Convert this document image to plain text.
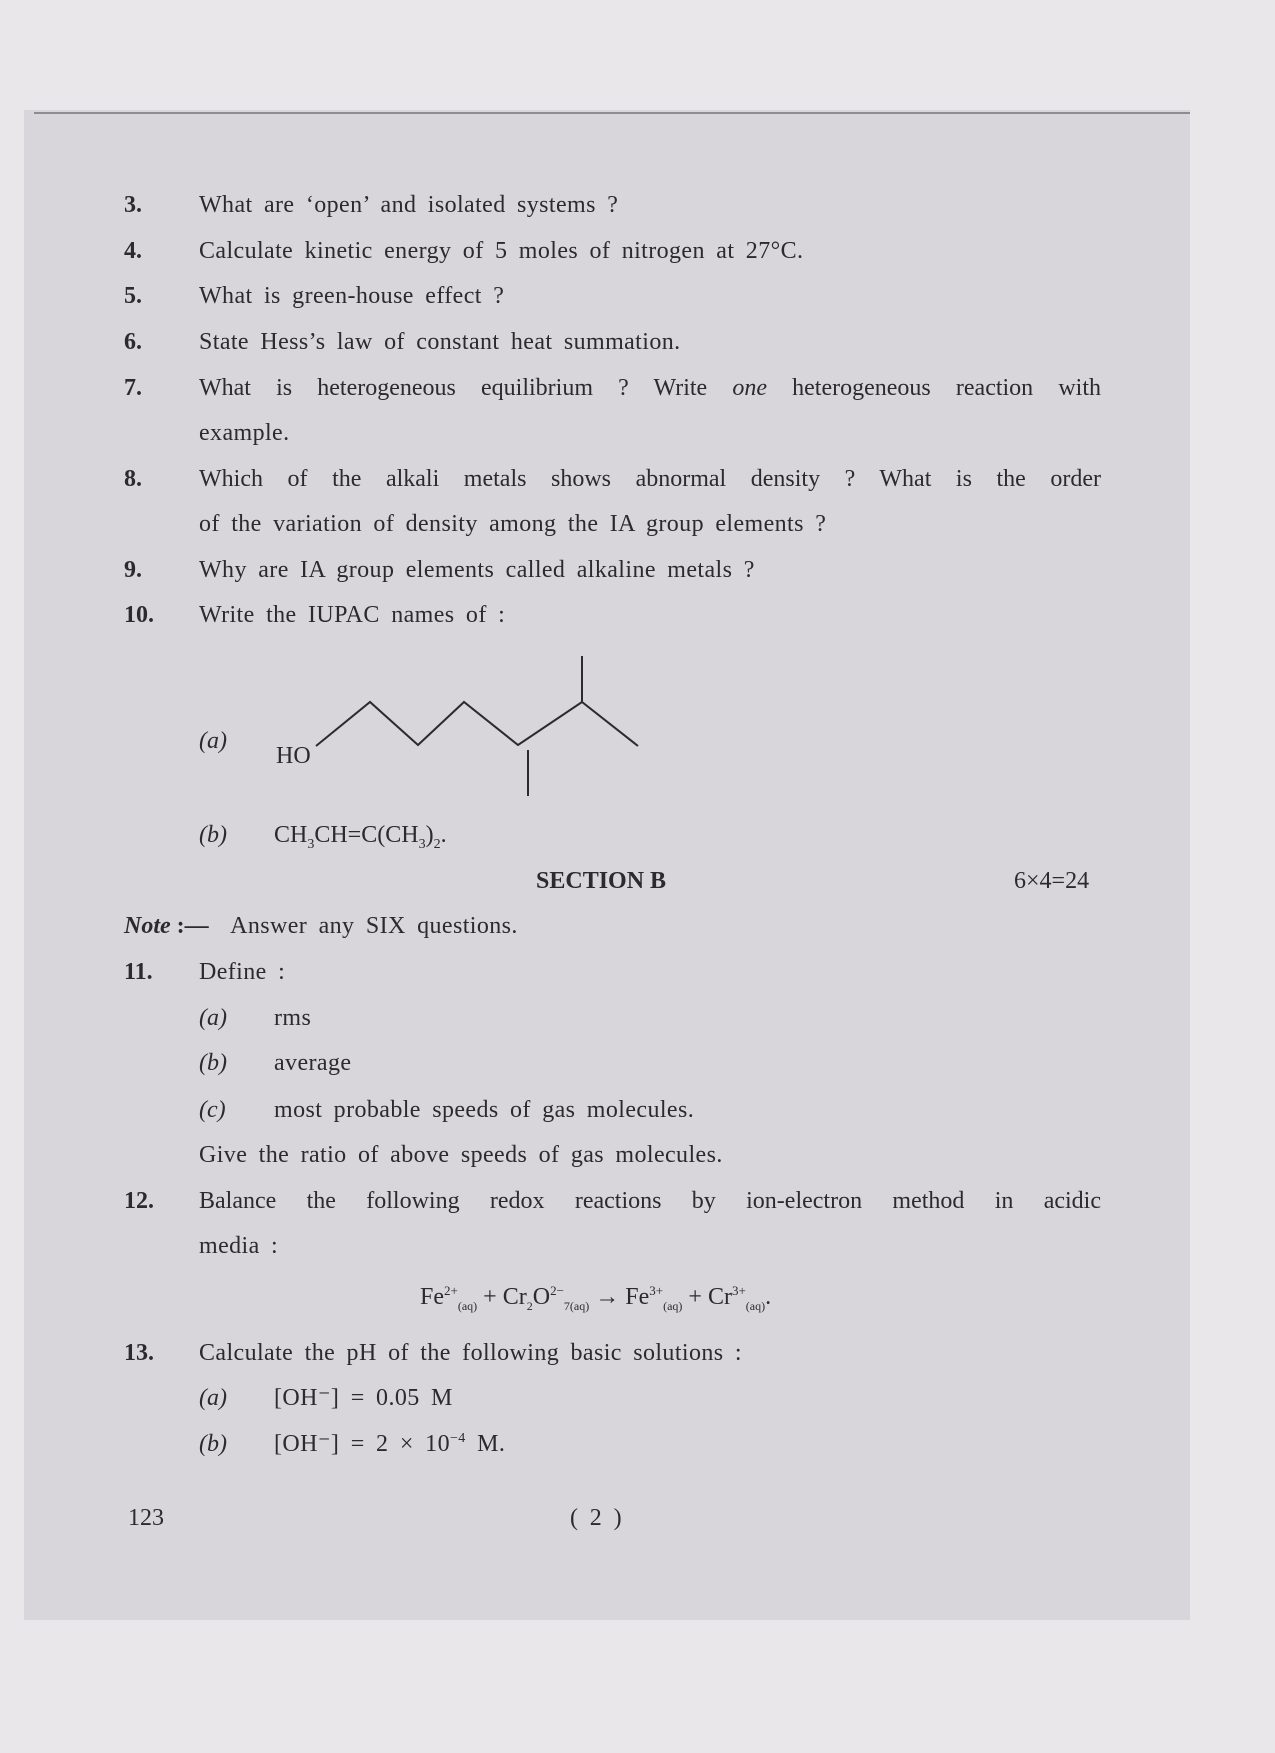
3. What are ‘open’ and isolated systems ?
4. Calculate kinetic energy of 5 moles of nitrogen at 27°C.
5. What is green-house effect ?
6. State Hess’s law of constant heat summation.
7. What is heterogeneous equilibrium ? Write one heterogeneous reaction with
example.
8. Which of the alkali metals shows abnormal density ? What is the order
of the variation of density among the IA group elements ?
9. Why are IA group elements called alkaline metals ?
10. Write the IUPAC names of :
(a)
HO
(b) $CH_3CH=C(CH_3)_2$.
SECTION B	6×4=24
Note :— Answer any SIX questions.
11. Define :
(a) rms
(b) average
(c) most probable speeds of gas molecules.
Give the ratio of above speeds of gas molecules.
12. Balance the following redox reactions by ion-electron method in acidic
media :
$Fe^{2+}_{(aq)} + Cr_2O^{2-}_{7(aq)} \to Fe^{3+}_{(aq)} + Cr^{3+}_{(aq)}$.
13. Calculate the pH of the following basic solutions :
(a) [OH⁻] = 0.05 M
(b) $[OH^-] = 2 \times 10^{-4}$ M.
123	( 2 )
